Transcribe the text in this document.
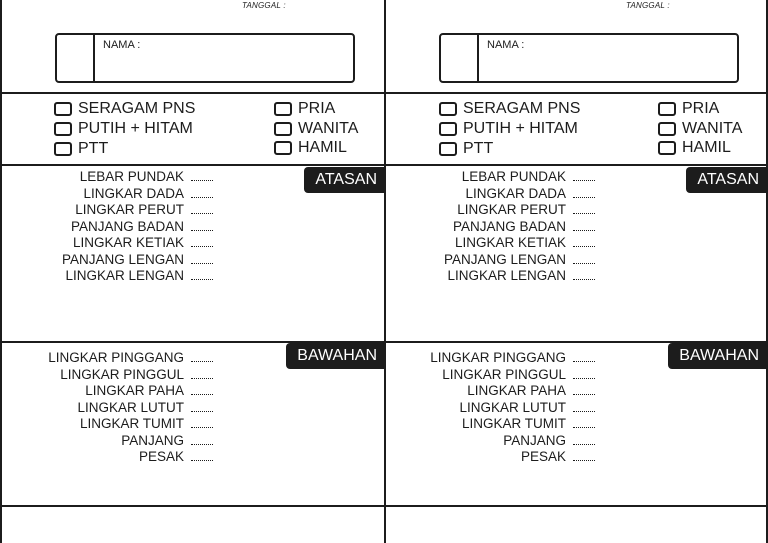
TANGGAL :
NAMA :
SERAGAM PNS
PUTIH + HITAM
PTT
PRIA
WANITA
HAMIL
ATASAN
LEBAR PUNDAK
LINGKAR DADA
LINGKAR PERUT
PANJANG BADAN
LINGKAR KETIAK
PANJANG LENGAN
LINGKAR LENGAN
BAWAHAN
LINGKAR PINGGANG
LINGKAR PINGGUL
LINGKAR PAHA
LINGKAR LUTUT
LINGKAR TUMIT
PANJANG
PESAK
TANGGAL :
NAMA :
SERAGAM PNS
PUTIH + HITAM
PTT
PRIA
WANITA
HAMIL
ATASAN
LEBAR PUNDAK
LINGKAR DADA
LINGKAR PERUT
PANJANG BADAN
LINGKAR KETIAK
PANJANG LENGAN
LINGKAR LENGAN
BAWAHAN
LINGKAR PINGGANG
LINGKAR PINGGUL
LINGKAR PAHA
LINGKAR LUTUT
LINGKAR TUMIT
PANJANG
PESAK
